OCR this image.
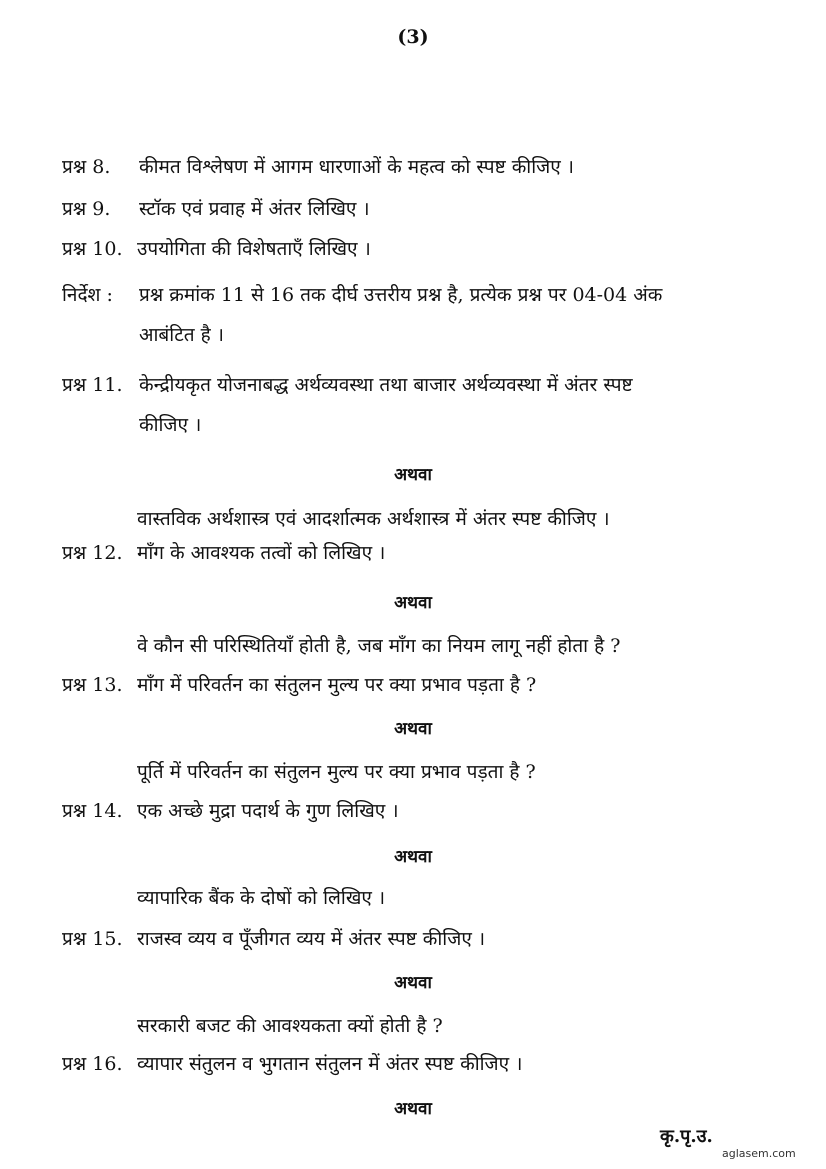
(3)
प्रश्न 8. कीमत विश्लेषण में आगम धारणाओं के महत्व को स्पष्ट कीजिए ।
प्रश्न 9. स्टॉक एवं प्रवाह में अंतर लिखिए ।
प्रश्न 10. उपयोगिता की विशेषताएँ लिखिए ।
निर्देश : प्रश्न क्रमांक 11 से 16 तक दीर्घ उत्तरीय प्रश्न है, प्रत्येक प्रश्न पर 04-04 अंक
आबंटित है ।
प्रश्न 11. केन्द्रीयकृत योजनाबद्ध अर्थव्यवस्था तथा बाजार अर्थव्यवस्था में अंतर स्पष्ट
कीजिए ।
अथवा
वास्तविक अर्थशास्त्र एवं आदर्शात्मक अर्थशास्त्र में अंतर स्पष्ट कीजिए ।
प्रश्न 12. माँग के आवश्यक तत्वों को लिखिए ।
अथवा
वे कौन सी परिस्थितियाँ होती है, जब माँग का नियम लागू नहीं होता है ?
प्रश्न 13. माँग में परिवर्तन का संतुलन मुल्य पर क्या प्रभाव पड़ता है ?
अथवा
पूर्ति में परिवर्तन का संतुलन मुल्य पर क्या प्रभाव पड़ता है ?
प्रश्न 14. एक अच्छे मुद्रा पदार्थ के गुण लिखिए ।
अथवा
व्यापारिक बैंक के दोषों को लिखिए ।
प्रश्न 15. राजस्व व्यय व पूँजीगत व्यय में अंतर स्पष्ट कीजिए ।
अथवा
सरकारी बजट की आवश्यकता क्यों होती है ?
प्रश्न 16. व्यापार संतुलन व भुगतान संतुलन में अंतर स्पष्ट कीजिए ।
अथवा
कृ.पृ.उ.
aglasem.com
